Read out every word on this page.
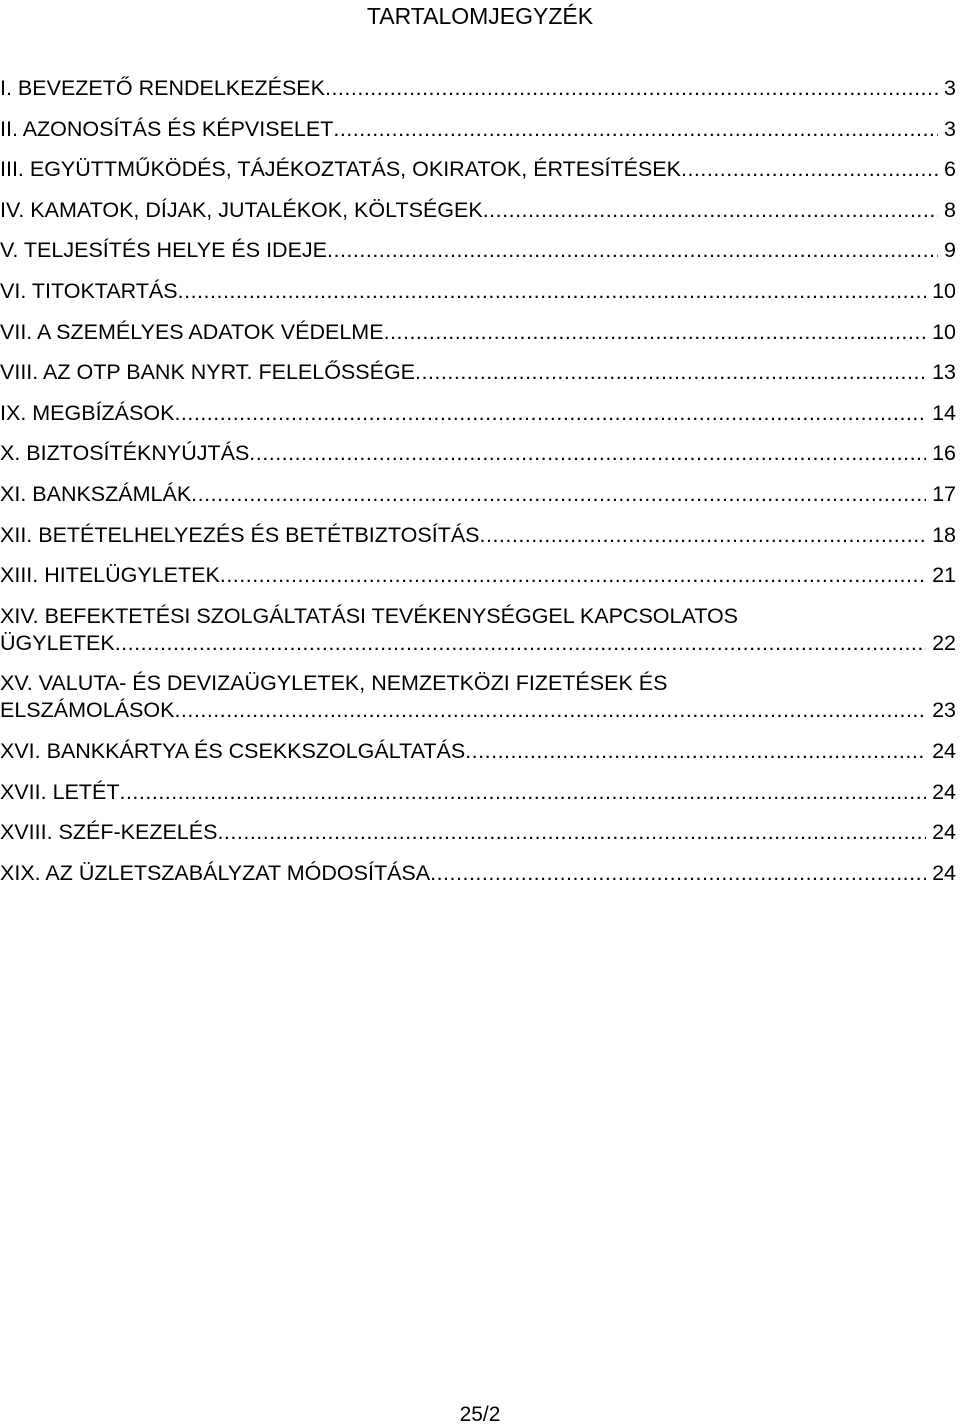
TARTALOMJEGYZÉK
I. BEVEZETŐ RENDELKEZÉSEK .....	3
II. AZONOSÍTÁS ÉS KÉPVISELET .....	3
III. EGYÜTTMŰKÖDÉS, TÁJÉKOZTATÁS, OKIRATOK, ÉRTESÍTÉSEK .....	6
IV. KAMATOK, DÍJAK, JUTALÉKOK, KÖLTSÉGEK .....	8
V. TELJESÍTÉS HELYE ÉS IDEJE .....	9
VI. TITOKTARTÁS .....	10
VII. A SZEMÉLYES ADATOK VÉDELME .....	10
VIII. AZ OTP BANK NYRT. FELELŐSSÉGE .....	13
IX. MEGBÍZÁSOK .....	14
X. BIZTOSÍTÉKNYÚJTÁS .....	16
XI. BANKSZÁMLÁK .....	17
XII. BETÉTELHELYEZÉS ÉS BETÉTBIZTOSÍTÁS .....	18
XIII. HITELÜGYLETEK .....	21
XIV. BEFEKTETÉSI SZOLGÁLTATÁSI TEVÉKENYSÉGGEL KAPCSOLATOS
ÜGYLETEK .....	22
XV. VALUTA- ÉS DEVIZAÜGYLETEK, NEMZETKÖZI FIZETÉSEK ÉS
ELSZÁMOLÁSOK .....	23
XVI. BANKKÁRTYA ÉS CSEKKSZOLGÁLTATÁS .....	24
XVII. LETÉT .....	24
XVIII. SZÉF-KEZELÉS .....	24
XIX. AZ ÜZLETSZABÁLYZAT MÓDOSÍTÁSA .....	24
25/2
